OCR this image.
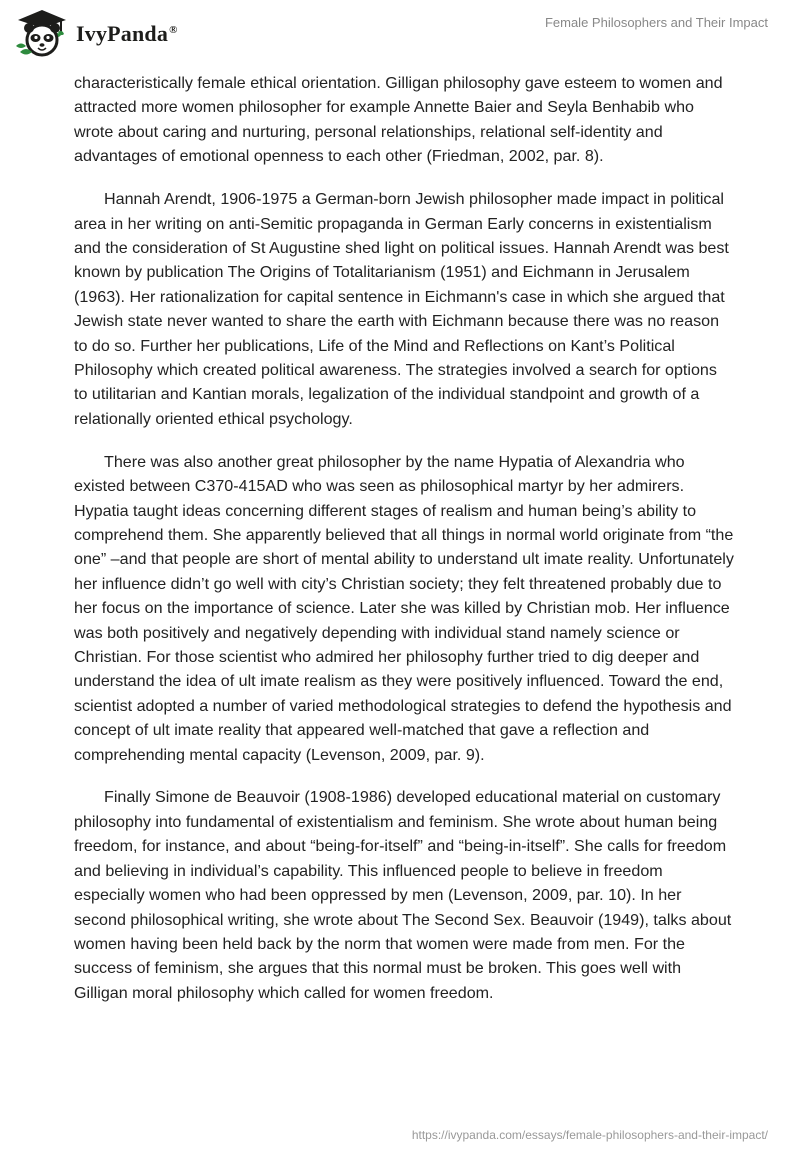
IvyPanda®	Female Philosophers and Their Impact

characteristically female ethical orientation. Gilligan philosophy gave esteem to women and attracted more women philosopher for example Annette Baier and Seyla Benhabib who wrote about caring and nurturing, personal relationships, relational self-identity and advantages of emotional openness to each other (Friedman, 2002, par. 8).

Hannah Arendt, 1906-1975 a German-born Jewish philosopher made impact in political area in her writing on anti-Semitic propaganda in German Early concerns in existentialism and the consideration of St Augustine shed light on political issues. Hannah Arendt was best known by publication The Origins of Totalitarianism (1951) and Eichmann in Jerusalem (1963). Her rationalization for capital sentence in Eichmann's case in which she argued that Jewish state never wanted to share the earth with Eichmann because there was no reason to do so. Further her publications, Life of the Mind and Reflections on Kant’s Political Philosophy which created political awareness. The strategies involved a search for options to utilitarian and Kantian morals, legalization of the individual standpoint and growth of a relationally oriented ethical psychology.

There was also another great philosopher by the name Hypatia of Alexandria who existed between C370-415AD who was seen as philosophical martyr by her admirers. Hypatia taught ideas concerning different stages of realism and human being’s ability to comprehend them. She apparently believed that all things in normal world originate from “the one” –and that people are short of mental ability to understand ult imate reality. Unfortunately her influence didn’t go well with city’s Christian society; they felt threatened probably due to her focus on the importance of science. Later she was killed by Christian mob. Her influence was both positively and negatively depending with individual stand namely science or Christian. For those scientist who admired her philosophy further tried to dig deeper and understand the idea of ult imate realism as they were positively influenced. Toward the end, scientist adopted a number of varied methodological strategies to defend the hypothesis and concept of ult imate reality that appeared well-matched that gave a reflection and comprehending mental capacity (Levenson, 2009, par. 9).

Finally Simone de Beauvoir (1908-1986) developed educational material on customary philosophy into fundamental of existentialism and feminism. She wrote about human being freedom, for instance, and about “being-for-itself” and “being-in-itself”. She calls for freedom and believing in individual’s capability. This influenced people to believe in freedom especially women who had been oppressed by men (Levenson, 2009, par. 10). In her second philosophical writing, she wrote about The Second Sex. Beauvoir (1949), talks about women having been held back by the norm that women were made from men. For the success of feminism, she argues that this normal must be broken. This goes well with Gilligan moral philosophy which called for women freedom.

https://ivypanda.com/essays/female-philosophers-and-their-impact/
